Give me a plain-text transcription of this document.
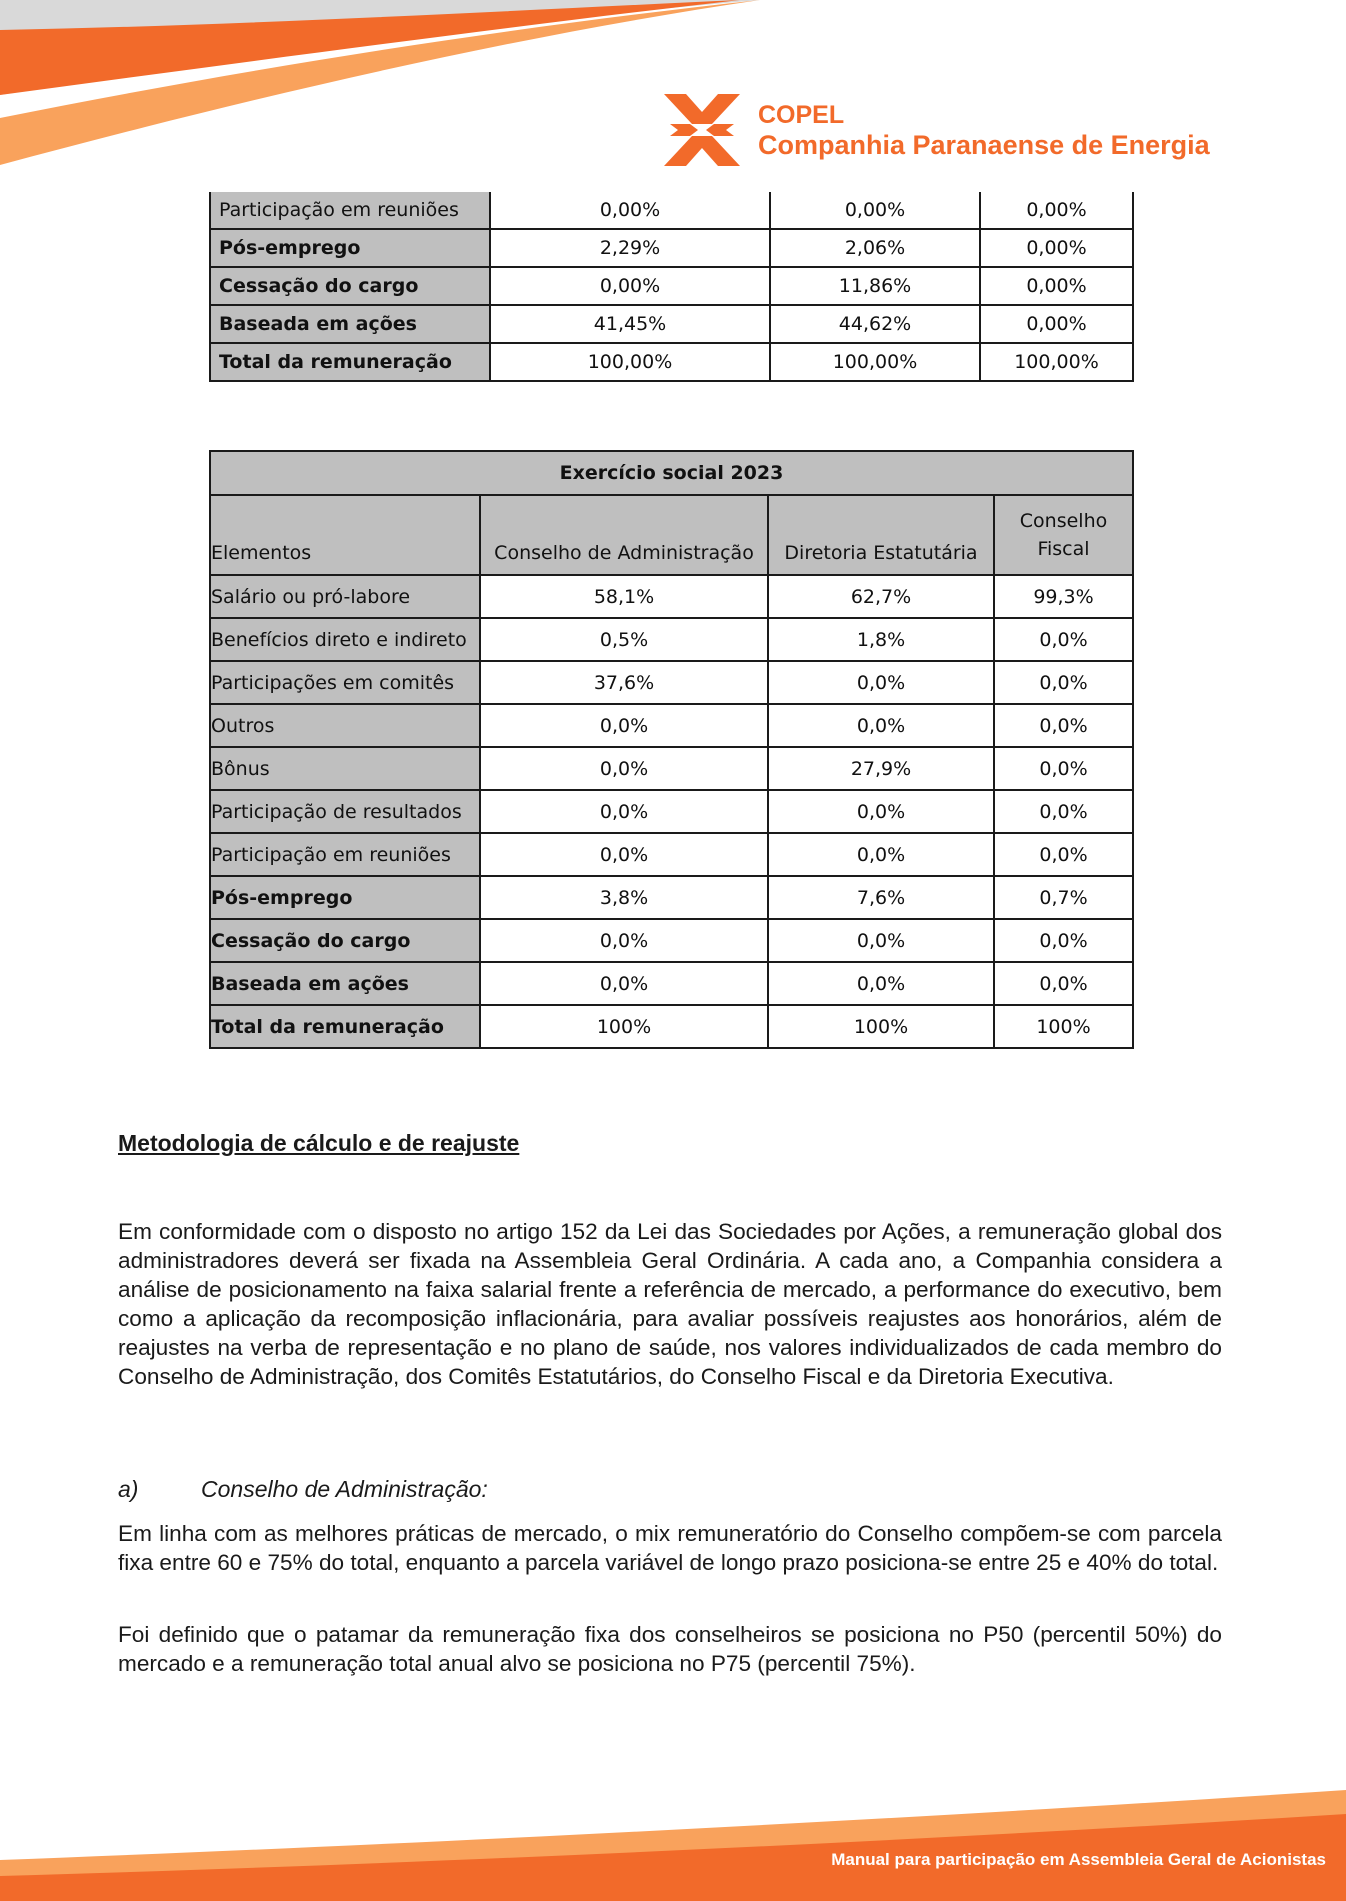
COPEL
Companhia Paranaense de Energia
Participação em reuniões	0,00%	0,00%	0,00%
Pós-emprego	2,29%	2,06%	0,00%
Cessação do cargo	0,00%	11,86%	0,00%
Baseada em ações	41,45%	44,62%	0,00%
Total da remuneração	100,00%	100,00%	100,00%
Exercício social 2023			
Elementos	Conselho de Administração	Diretoria Estatutária	Conselho
Fiscal
Salário ou pró-labore	58,1%	62,7%	99,3%
Benefícios direto e indireto	0,5%	1,8%	0,0%
Participações em comitês	37,6%	0,0%	0,0%
Outros	0,0%	0,0%	0,0%
Bônus	0,0%	27,9%	0,0%
Participação de resultados	0,0%	0,0%	0,0%
Participação em reuniões	0,0%	0,0%	0,0%
Pós-emprego	3,8%	7,6%	0,7%
Cessação do cargo	0,0%	0,0%	0,0%
Baseada em ações	0,0%	0,0%	0,0%
Total da remuneração	100%	100%	100%
Metodologia de cálculo e de reajuste
Em conformidade com o disposto no artigo 152 da Lei das Sociedades por Ações, a remuneração global dos administradores deverá ser fixada na Assembleia Geral Ordinária. A cada ano, a Companhia considera a análise de posicionamento na faixa salarial frente a referência de mercado, a performance do executivo, bem como a aplicação da recomposição inflacionária, para avaliar possíveis reajustes aos honorários, além de reajustes na verba de representação e no plano de saúde, nos valores individualizados de cada membro do Conselho de Administração, dos Comitês Estatutários, do Conselho Fiscal e da Diretoria Executiva.
a)	Conselho de Administração:
Em linha com as melhores práticas de mercado, o mix remuneratório do Conselho compõem-se com parcela fixa entre 60 e 75% do total, enquanto a parcela variável de longo prazo posiciona-se entre 25 e 40% do total.
Foi definido que o patamar da remuneração fixa dos conselheiros se posiciona no P50 (percentil 50%) do mercado e a remuneração total anual alvo se posiciona no P75 (percentil 75%).
Manual para participação em Assembleia Geral de Acionistas
